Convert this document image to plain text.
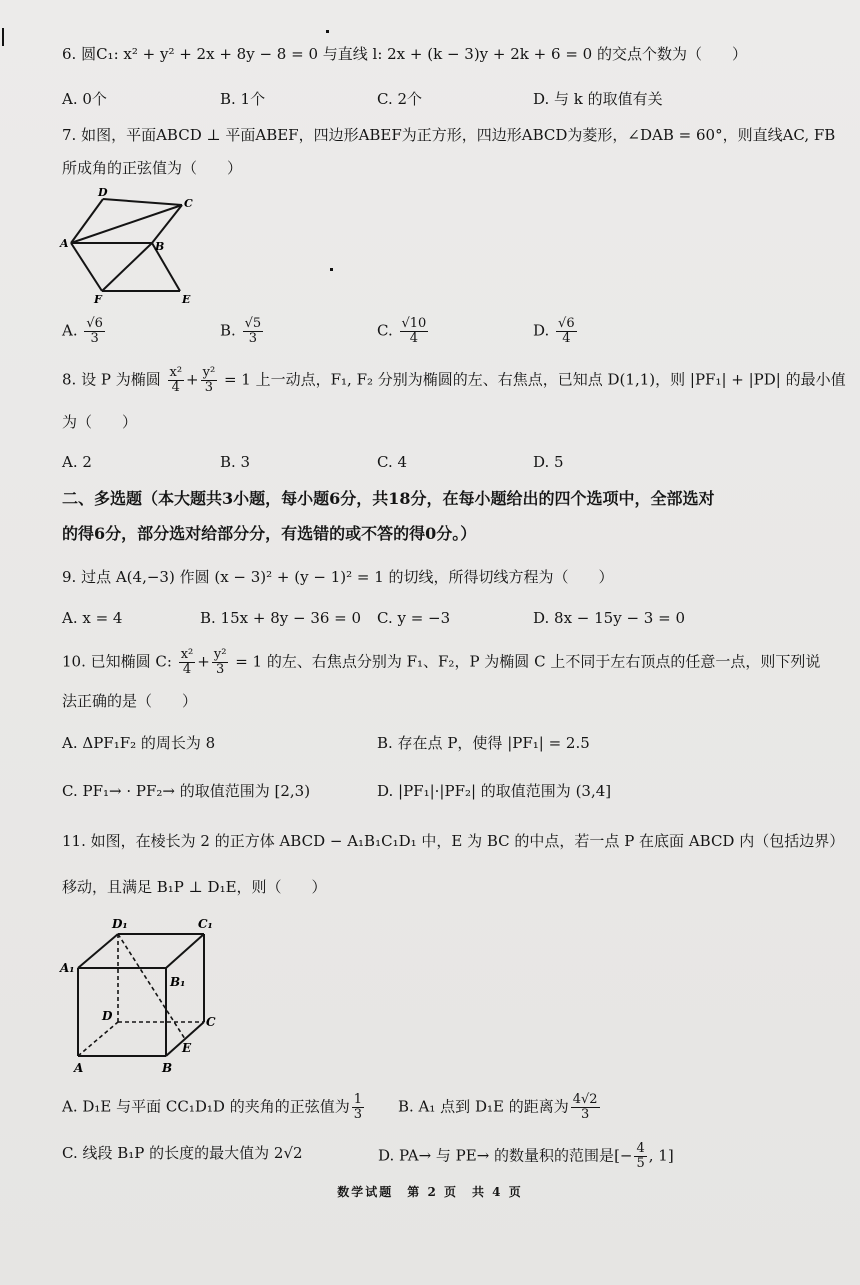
6. 圆C₁: x² + y² + 2x + 8y − 8 = 0 与直线 l: 2x + (k − 3)y + 2k + 6 = 0 的交点个数为（　　）
A. 0个	B. 1个	C. 2个	D. 与 k 的取值有关
7. 如图，平面ABCD ⊥ 平面ABEF，四边形ABEF为正方形，四边形ABCD为菱形，∠DAB = 60°，则直线AC, FB
所成角的正弦值为（　　）
D
C
A	B
F	E
A. $\frac{√6}{3}$	B. $\frac{√5}{3}$	C. $\frac{√10}{4}$	D. $\frac{√6}{4}$
8. 设 P 为椭圆 $\frac{\text{x²}}{4} + \frac{\text{y²}}{3} = 1$ 上一动点，F₁, F₂ 分别为椭圆的左、右焦点，已知点 D(1,1)，则 |PF₁| + |PD| 的最小值
为（　　）
A. 2	B. 3	C. 4	D. 5
二、多选题（本大题共3小题，每小题6分，共18分，在每小题给出的四个选项中，全部选对
的得6分，部分选对给部分分，有选错的或不答的得0分。）
9. 过点 A(4,−3) 作圆 (x − 3)² + (y − 1)² = 1 的切线，所得切线方程为（　　）
A. x = 4	B. 15x + 8y − 36 = 0 C. y = −3	D. 8x − 15y − 3 = 0
10. 已知椭圆 C: $\frac{\text{x²}}{4} + \frac{\text{y²}}{3} = 1$ 的左、右焦点分别为 F₁、F₂，P 为椭圆 C 上不同于左右顶点的任意一点，则下列说
法正确的是（　　）
A. ΔPF₁F₂ 的周长为 8	B. 存在点 P，使得 |PF₁| = 2.5
C. PF₁→ · PF₂→ 的取值范围为 [2,3)	D. |PF₁|·|PF₂| 的取值范围为 (3,4]
11. 如图，在棱长为 2 的正方体 ABCD − A₁B₁C₁D₁ 中，E 为 BC 的中点，若一点 P 在底面 ABCD 内（包括边界）
移动，且满足 B₁P ⊥ D₁E，则（　　）
D₁	C₁
A₁
B₁
D	C
E
A	B
A. D₁E 与平面 CC₁D₁D 的夹角的正弦值为 $\frac{1}{3} B$. A₁ 点到 D₁E 的距离为 $\frac{4√2}{3}$
C. 线段 B₁P 的长度的最大值为 2√2	D. PA→ 与 PE→ 的数量积的范围是[− $\frac{4}{5}$ , 1]
数学试题　第 2 页　共 4 页
